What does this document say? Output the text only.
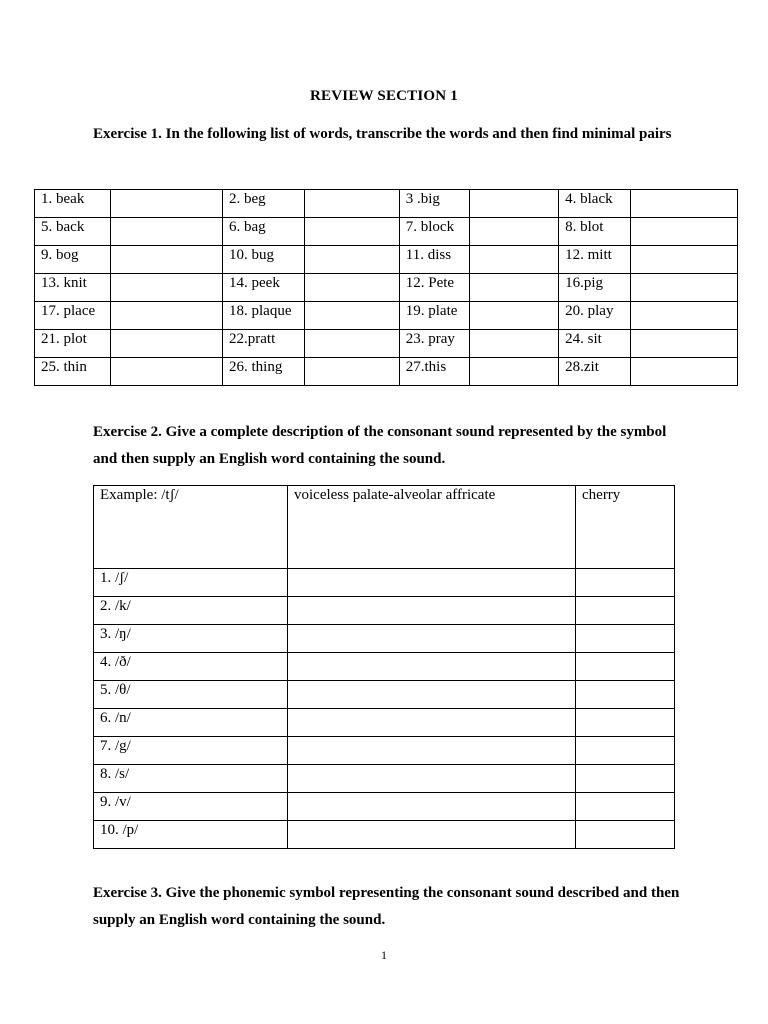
REVIEW SECTION 1
Exercise 1. In the following list of words, transcribe the words and then find minimal pairs
1. beak		2. beg		3 .big		4. black	
5. back		6. bag		7. block		8. blot	
9. bog		10. bug		11. diss		12. mitt	
13. knit		14. peek		12. Pete		16.pig	
17. place		18. plaque		19. plate		20. play	
21. plot		22.pratt		23. pray		24. sit	
25. thin		26. thing		27.this		28.zit	
Exercise 2. Give a complete description of the consonant sound represented by the symbol and then supply an English word containing the sound.
Example: /tʃ/	voiceless palate-alveolar affricate	cherry
1. /ʃ/		
2. /k/		
3. /ŋ/		
4. /ð/		
5. /θ/		
6. /n/		
7. /g/		
8. /s/		
9. /v/		
10. /p/		
Exercise 3. Give the phonemic symbol representing the consonant sound described and then supply an English word containing the sound.
1
